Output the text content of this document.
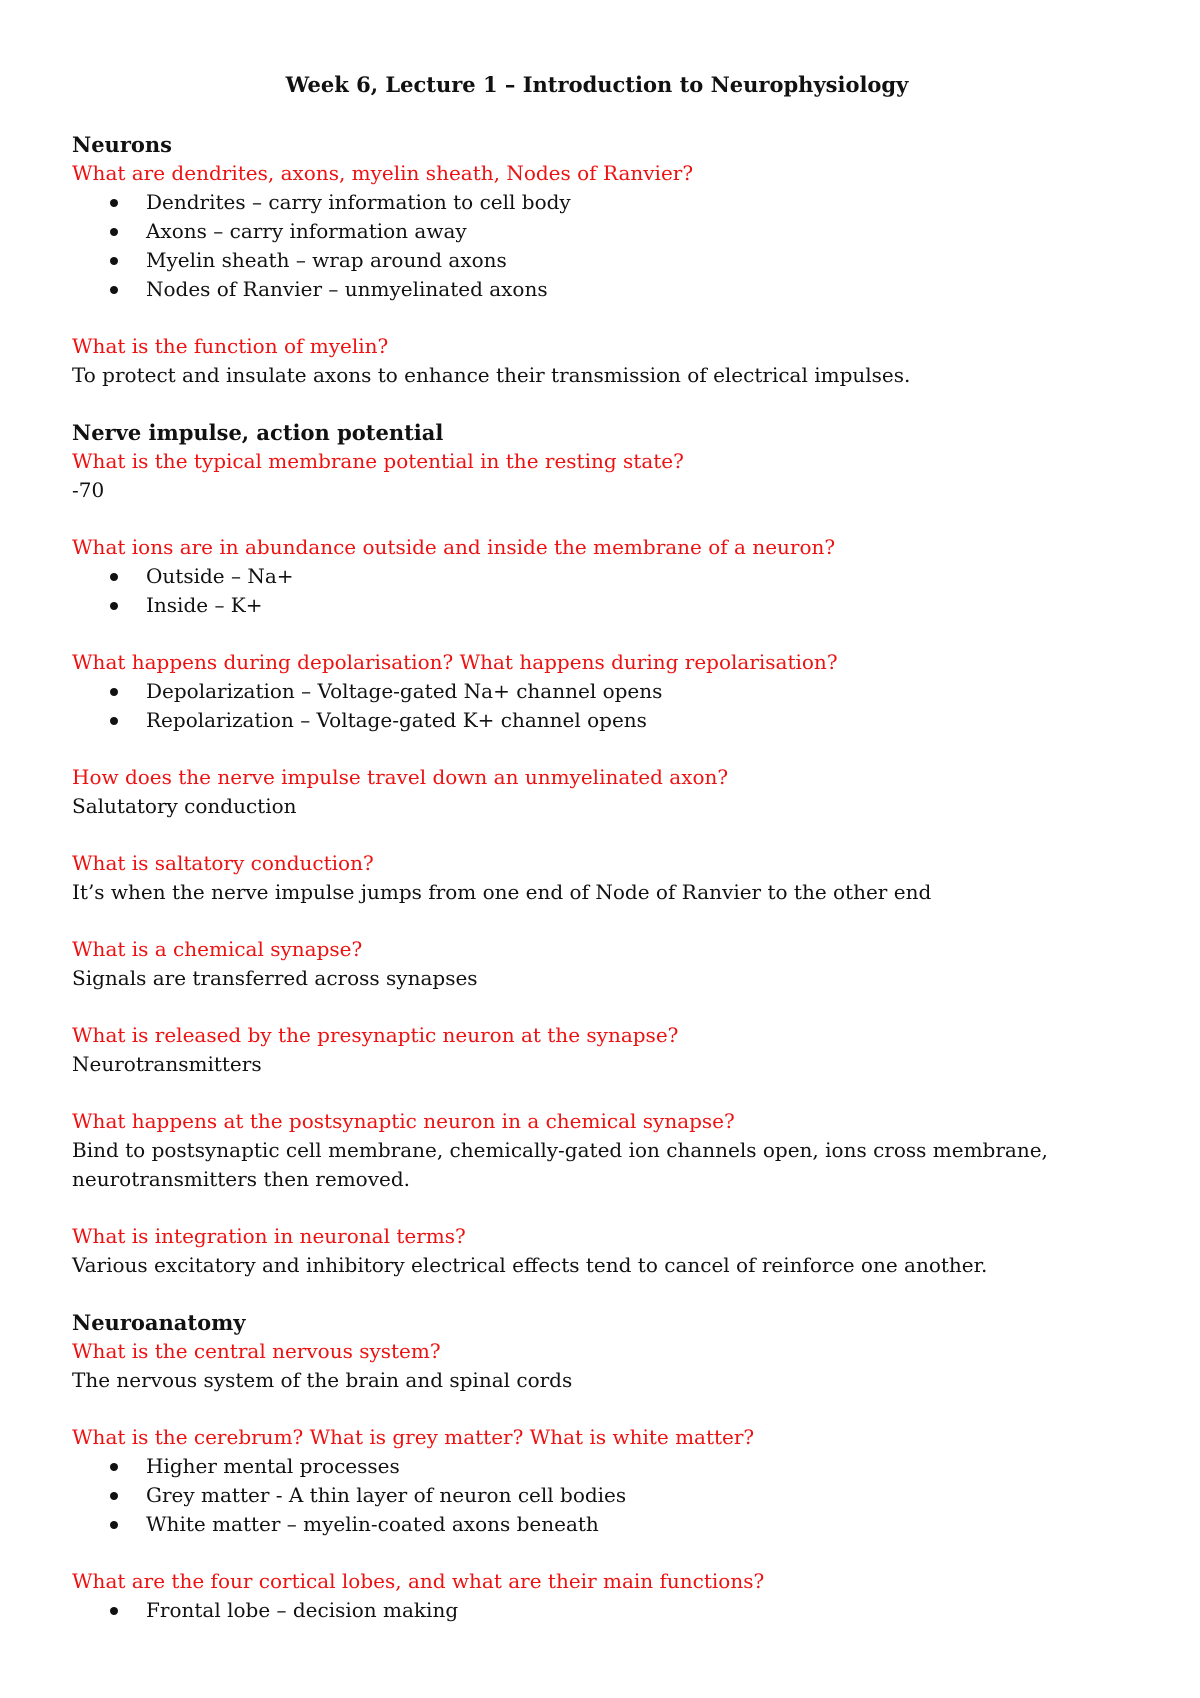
Week 6, Lecture 1 – Introduction to Neurophysiology
Neurons
What are dendrites, axons, myelin sheath, Nodes of Ranvier?
Dendrites – carry information to cell body
Axons – carry information away
Myelin sheath – wrap around axons
Nodes of Ranvier – unmyelinated axons
What is the function of myelin?
To protect and insulate axons to enhance their transmission of electrical impulses.
Nerve impulse, action potential
What is the typical membrane potential in the resting state?
-70
What ions are in abundance outside and inside the membrane of a neuron?
Outside – Na+
Inside – K+
What happens during depolarisation? What happens during repolarisation?
Depolarization – Voltage-gated Na+ channel opens
Repolarization – Voltage-gated K+ channel opens
How does the nerve impulse travel down an unmyelinated axon?
Salutatory conduction
What is saltatory conduction?
It’s when the nerve impulse jumps from one end of Node of Ranvier to the other end
What is a chemical synapse?
Signals are transferred across synapses
What is released by the presynaptic neuron at the synapse?
Neurotransmitters
What happens at the postsynaptic neuron in a chemical synapse?
Bind to postsynaptic cell membrane, chemically-gated ion channels open, ions cross membrane, neurotransmitters then removed.
What is integration in neuronal terms?
Various excitatory and inhibitory electrical effects tend to cancel of reinforce one another.
Neuroanatomy
What is the central nervous system?
The nervous system of the brain and spinal cords
What is the cerebrum? What is grey matter? What is white matter?
Higher mental processes
Grey matter - A thin layer of neuron cell bodies
White matter – myelin-coated axons beneath
What are the four cortical lobes, and what are their main functions?
Frontal lobe – decision making
